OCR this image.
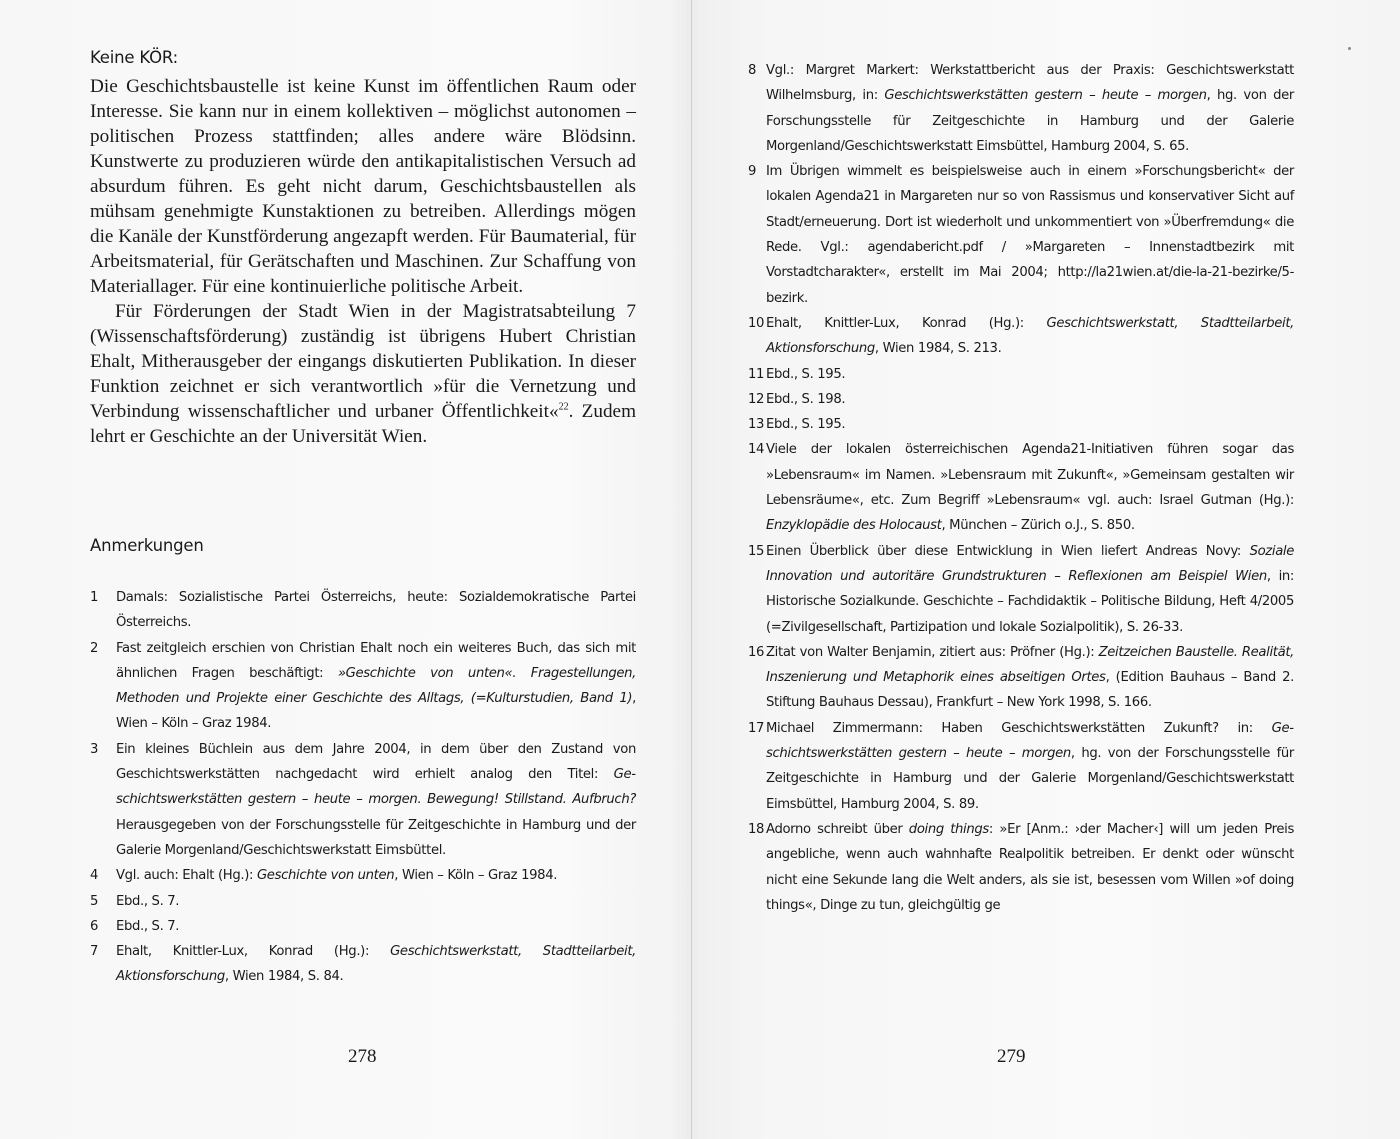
Keine KÖR:

Die Geschichtsbaustelle ist keine Kunst im öffentlichen Raum oder Interesse. Sie kann nur in einem kollektiven – möglichst autonomen – politischen Prozess stattfinden; alles andere wäre Blödsinn. Kunstwerte zu produzieren würde den antikapitalistischen Versuch ad absurdum führen. Es geht nicht darum, Geschichtsbaustellen als mühsam genehmigte Kunstaktionen zu betreiben. Allerdings mögen die Kanäle der Kunstförderung angezapft werden. Für Baumaterial, für Arbeitsmaterial, für Gerätschaften und Maschinen. Zur Schaffung von Materiallager. Für eine kontinuierliche politische Arbeit.

Für Förderungen der Stadt Wien in der Magistratsabteilung 7 (Wissenschaftsförderung) zuständig ist übrigens Hubert Christian Ehalt, Mitherausgeber der eingangs diskutierten Publikation. In dieser Funktion zeichnet er sich verantwortlich »für die Vernetzung und Verbindung wissenschaftlicher und urbaner Öffentlichkeit«$^{22}$. Zudem lehrt er Geschichte an der Universität Wien.

Anmerkungen
1	Damals: Sozialistische Partei Österreichs, heute: Sozialdemokratische Partei Österreichs.
2	Fast zeitgleich erschien von Christian Ehalt noch ein weiteres Buch, das sich mit ähnlichen Fragen beschäftigt: »Geschichte von unten«. Fragestellungen, Methoden und Projekte einer Geschichte des Alltags, (=Kulturstudien, Band 1), Wien – Köln – Graz 1984.
3	Ein kleines Büchlein aus dem Jahre 2004, in dem über den Zustand von Geschichtswerkstätten nachgedacht wird erhielt analog den Titel: Geschichtswerkstätten gestern – heute – morgen. Bewegung! Stillstand. Aufbruch? Herausgegeben von der Forschungsstelle für Zeitgeschichte in Hamburg und der Galerie Morgenland/Geschichtswerkstatt Eimsbüttel.
4	Vgl. auch: Ehalt (Hg.): Geschichte von unten, Wien – Köln – Graz 1984.
5	Ebd., S. 7.
6	Ebd., S. 7.
7	Ehalt, Knittler-Lux, Konrad (Hg.): Geschichtswerkstatt, Stadtteilarbeit, Aktionsforschung, Wien 1984, S. 84.
278
8 Vgl.: Margret Markert: Werkstattbericht aus der Praxis: Geschichtswerkstatt Wilhelmsburg, in: Geschichtswerkstätten gestern – heute – morgen, hg. von der Forschungsstelle für Zeitgeschichte in Hamburg und der Galerie Morgenland/Geschichtswerkstatt Eimsbüttel, Hamburg 2004, S. 65.
9 Im Übrigen wimmelt es beispielsweise auch in einem »Forschungsbericht« der lokalen Agenda21 in Margareten nur so von Rassismus und konservativer Sicht auf Stadt/erneuerung. Dort ist wiederholt und unkommentiert von »Überfremdung« die Rede. Vgl.: agendabericht.pdf / »Margareten – Innenstadtbezirk mit Vorstadtcharakter«, erstellt im Mai 2004; http://la21wien.at/die-la-21-bezirke/5-bezirk.
10 Ehalt, Knittler-Lux, Konrad (Hg.): Geschichtswerkstatt, Stadtteilarbeit, Aktionsforschung, Wien 1984, S. 213.
11 Ebd., S. 195.
12 Ebd., S. 198.
13 Ebd., S. 195.
14 Viele der lokalen österreichischen Agenda21-Initiativen führen sogar das »Lebensraum« im Namen. »Lebensraum mit Zukunft«, »Gemeinsam gestalten wir Lebensräume«, etc. Zum Begriff »Lebensraum« vgl. auch: Israel Gutman (Hg.): Enzyklopädie des Holocaust, München – Zürich o.J., S. 850.
15 Einen Überblick über diese Entwicklung in Wien liefert Andreas Novy: Soziale Innovation und autoritäre Grundstrukturen – Reflexionen am Beispiel Wien, in: Historische Sozialkunde. Geschichte – Fachdidaktik – Politische Bildung, Heft 4/2005 (=Zivilgesellschaft, Partizipation und lokale Sozialpolitik), S. 26-33.
16 Zitat von Walter Benjamin, zitiert aus: Pröfner (Hg.): Zeitzeichen Baustelle. Realität, Inszenierung und Metaphorik eines abseitigen Ortes, (Edition Bauhaus – Band 2. Stiftung Bauhaus Dessau), Frankfurt – New York 1998, S. 166.
17 Michael Zimmermann: Haben Geschichtswerkstätten Zukunft? in: Geschichtswerkstätten gestern – heute – morgen, hg. von der Forschungsstelle für Zeitgeschichte in Hamburg und der Galerie Morgenland/Geschichtswerkstatt Eimsbüttel, Hamburg 2004, S. 89.
18 Adorno schreibt über doing things: »Er [Anm.: ›der Macher‹] will um jeden Preis angebliche, wenn auch wahnhafte Realpolitik betreiben. Er denkt oder wünscht nicht eine Sekunde lang die Welt anders, als sie ist, besessen vom Willen »of doing things«, Dinge zu tun, gleichgültig ge
279
